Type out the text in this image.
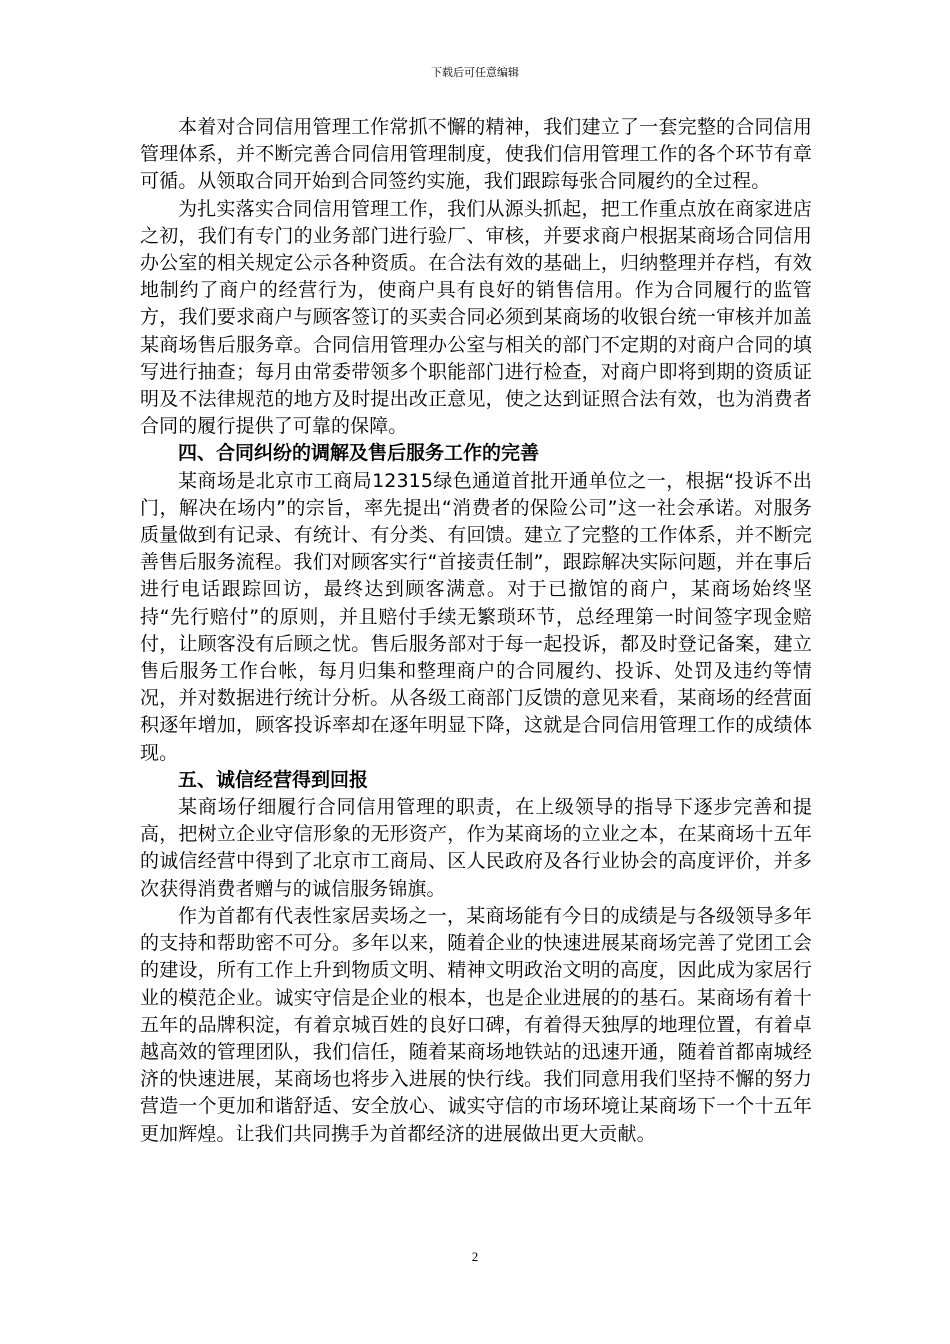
下载后可任意编辑

本着对合同信用管理工作常抓不懈的精神，我们建立了一套完整的合同信用管理体系，并不断完善合同信用管理制度，使我们信用管理工作的各个环节有章可循。从领取合同开始到合同签约实施，我们跟踪每张合同履约的全过程。

为扎实落实合同信用管理工作，我们从源头抓起，把工作重点放在商家进店之初，我们有专门的业务部门进行验厂、审核，并要求商户根据某商场合同信用办公室的相关规定公示各种资质。在合法有效的基础上，归纳整理并存档，有效地制约了商户的经营行为，使商户具有良好的销售信用。作为合同履行的监管方，我们要求商户与顾客签订的买卖合同必须到某商场的收银台统一审核并加盖某商场售后服务章。合同信用管理办公室与相关的部门不定期的对商户合同的填写进行抽查；每月由常委带领多个职能部门进行检查，对商户即将到期的资质证明及不法律规范的地方及时提出改正意见，使之达到证照合法有效，也为消费者合同的履行提供了可靠的保障。

四、合同纠纷的调解及售后服务工作的完善

某商场是北京市工商局12315绿色通道首批开通单位之一，根据“投诉不出门，解决在场内”的宗旨，率先提出“消费者的保险公司”这一社会承诺。对服务质量做到有记录、有统计、有分类、有回馈。建立了完整的工作体系，并不断完善售后服务流程。我们对顾客实行“首接责任制”，跟踪解决实际问题，并在事后进行电话跟踪回访，最终达到顾客满意。对于已撤馆的商户，某商场始终坚持“先行赔付”的原则，并且赔付手续无繁琐环节，总经理第一时间签字现金赔付，让顾客没有后顾之忧。售后服务部对于每一起投诉，都及时登记备案，建立售后服务工作台帐，每月归集和整理商户的合同履约、投诉、处罚及违约等情况，并对数据进行统计分析。从各级工商部门反馈的意见来看，某商场的经营面积逐年增加，顾客投诉率却在逐年明显下降，这就是合同信用管理工作的成绩体现。

五、诚信经营得到回报

某商场仔细履行合同信用管理的职责，在上级领导的指导下逐步完善和提高，把树立企业守信形象的无形资产，作为某商场的立业之本，在某商场十五年的诚信经营中得到了北京市工商局、区人民政府及各行业协会的高度评价，并多次获得消费者赠与的诚信服务锦旗。

作为首都有代表性家居卖场之一，某商场能有今日的成绩是与各级领导多年的支持和帮助密不可分。多年以来，随着企业的快速进展某商场完善了党团工会的建设，所有工作上升到物质文明、精神文明政治文明的高度，因此成为家居行业的模范企业。诚实守信是企业的根本，也是企业进展的的基石。某商场有着十五年的品牌积淀，有着京城百姓的良好口碑，有着得天独厚的地理位置，有着卓越高效的管理团队，我们信任，随着某商场地铁站的迅速开通，随着首都南城经济的快速进展，某商场也将步入进展的快行线。我们同意用我们坚持不懈的努力营造一个更加和谐舒适、安全放心、诚实守信的市场环境让某商场下一个十五年更加辉煌。让我们共同携手为首都经济的进展做出更大贡献。

2
